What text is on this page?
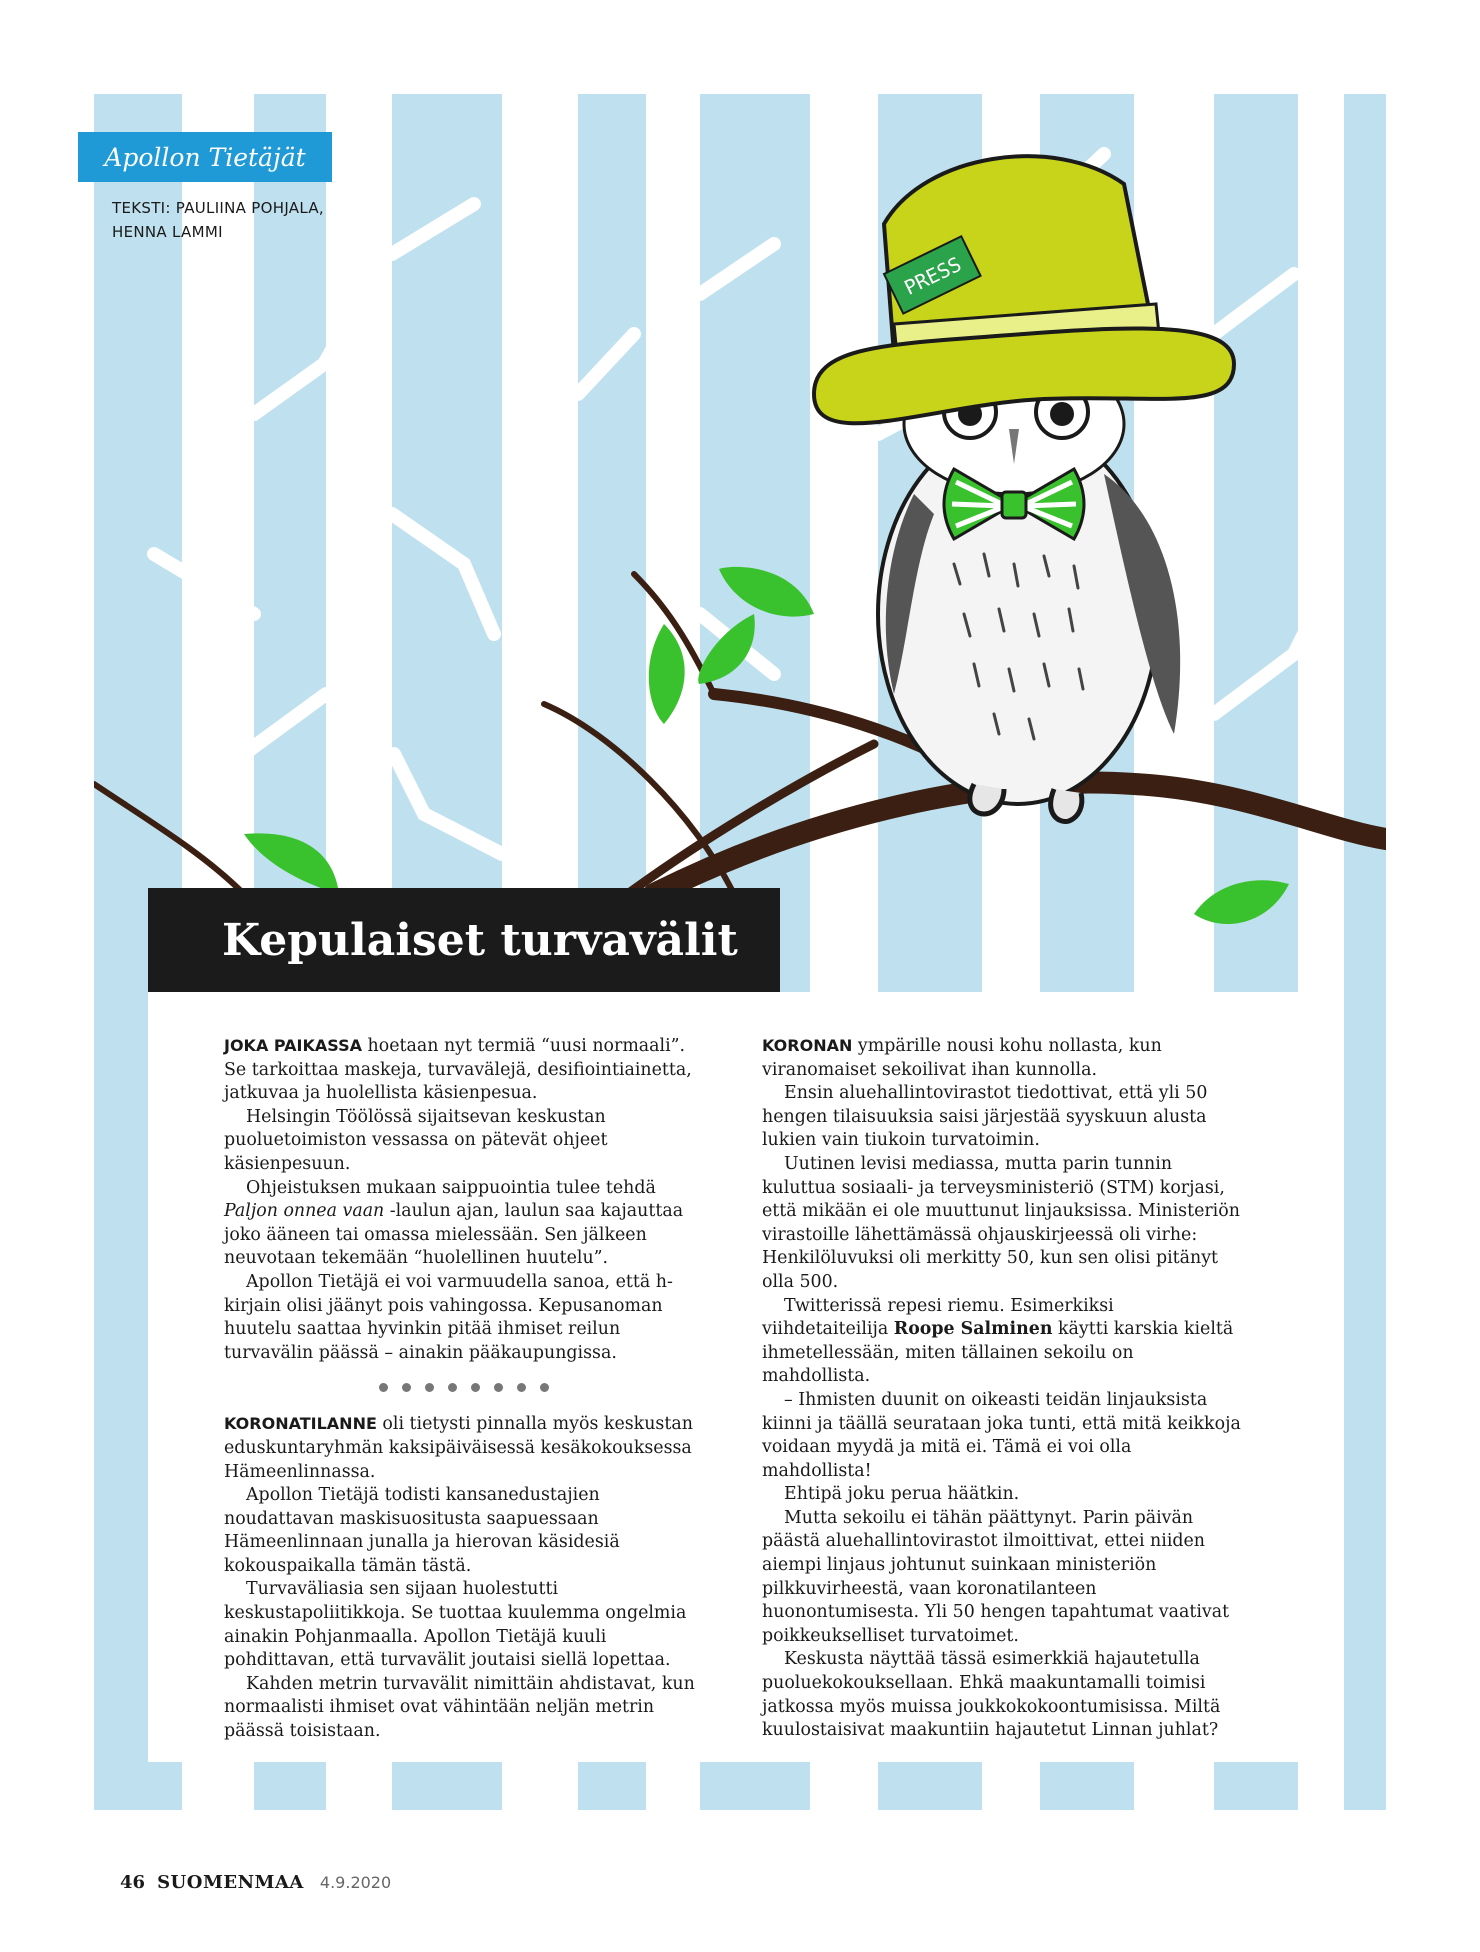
PRESS
Apollon Tietäjät
TEKSTI: PAULIINA POHJALA,
HENNA LAMMI
Kepulaiset turvavälit

JOKA PAIKASSA hoetaan nyt termiä “uusi normaali”. Se tarkoittaa maskeja, turvavälejä, desifiointiainetta, jatkuvaa ja huolellista käsienpesua.

Helsingin Töölössä sijaitsevan keskustan puoluetoimiston vessassa on pätevät ohjeet käsienpesuun.

Ohjeistuksen mukaan saippuointia tulee tehdä Paljon onnea vaan -laulun ajan, laulun saa kajauttaa joko ääneen tai omassa mielessään. Sen jälkeen neuvotaan tekemään “huolellinen huutelu”.

Apollon Tietäjä ei voi varmuudella sanoa, että h-kirjain olisi jäänyt pois vahingossa. Kepusanoman huutelu saattaa hyvinkin pitää ihmiset reilun turvavälin päässä – ainakin pääkaupungissa.

KORONATILANNE oli tietysti pinnalla myös keskustan eduskuntaryhmän kaksipäiväisessä kesäkokouksessa Hämeenlinnassa.

Apollon Tietäjä todisti kansanedustajien noudattavan maskisuositusta saapuessaan Hämeenlinnaan junalla ja hierovan käsidesiä kokouspaikalla tämän tästä.

Turvaväliasia sen sijaan huolestutti keskustapoliitikkoja. Se tuottaa kuulemma ongelmia ainakin Pohjanmaalla. Apollon Tietäjä kuuli pohdittavan, että turvavälit joutaisi siellä lopettaa.

Kahden metrin turvavälit nimittäin ahdistavat, kun normaalisti ihmiset ovat vähintään neljän metrin päässä toisistaan.

KORONAN ympärille nousi kohu nollasta, kun viranomaiset sekoilivat ihan kunnolla.

Ensin aluehallintovirastot tiedottivat, että yli 50 hengen tilaisuuksia saisi järjestää syyskuun alusta lukien vain tiukoin turvatoimin.

Uutinen levisi mediassa, mutta parin tunnin kuluttua sosiaali- ja terveysministeriö (STM) korjasi, että mikään ei ole muuttunut linjauksissa. Ministeriön virastoille lähettämässä ohjauskirjeessä oli virhe: Henkilöluvuksi oli merkitty 50, kun sen olisi pitänyt olla 500.

Twitterissä repesi riemu. Esimerkiksi viihdetaiteilija Roope Salminen käytti karskia kieltä ihmetellessään, miten tällainen sekoilu on mahdollista.

– Ihmisten duunit on oikeasti teidän linjauksista kiinni ja täällä seurataan joka tunti, että mitä keikkoja voidaan myydä ja mitä ei. Tämä ei voi olla mahdollista!

Ehtipä joku perua häätkin.

Mutta sekoilu ei tähän päättynyt. Parin päivän päästä aluehallintovirastot ilmoittivat, ettei niiden aiempi linjaus johtunut suinkaan ministeriön pilkkuvirheestä, vaan koronatilanteen huonontumisesta. Yli 50 hengen tapahtumat vaativat poikkeukselliset turvatoimet.

Keskusta näyttää tässä esimerkkiä hajautetulla puoluekokouksellaan. Ehkä maakuntamalli toimisi jatkossa myös muissa joukkokokoontumisissa. Miltä kuulostaisivat maakuntiin hajautetut Linnan juhlat?

46 SUOMENMAA 4.9.2020
